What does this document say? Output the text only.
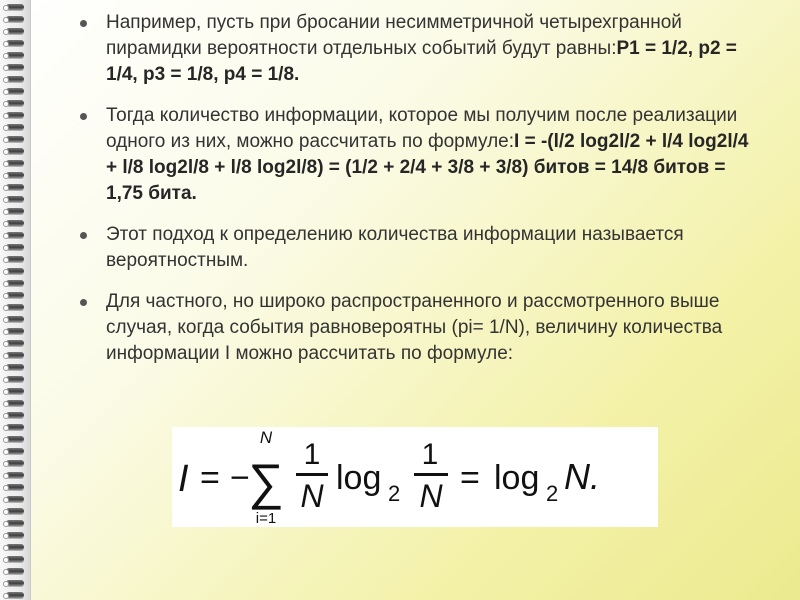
Например, пусть при бросании несимметричной четырехгранной пирамидки вероятности отдельных событий будут равны:Р1 = 1/2, р2 = 1/4, р3 = 1/8, р4 = 1/8.
Тогда количество информации, которое мы получим после реализации одного из них, можно рассчитать по формуле:I = -(l/2 log2l/2 + l/4 log2l/4 + l/8 log2l/8 + l/8 log2l/8) = (1/2 + 2/4 + 3/8 + 3/8) битов = 14/8 битов = 1,75 бита.
Этот подход к определению количества информации называется вероятностным.
Для частного, но широко распространенного и рассмотренного выше случая, когда события равновероятны (pi= 1/N), величину количества информации I можно рассчитать по формуле:
I = −
N
∑
i=1
1
N log 2
1
N = log 2 N.
